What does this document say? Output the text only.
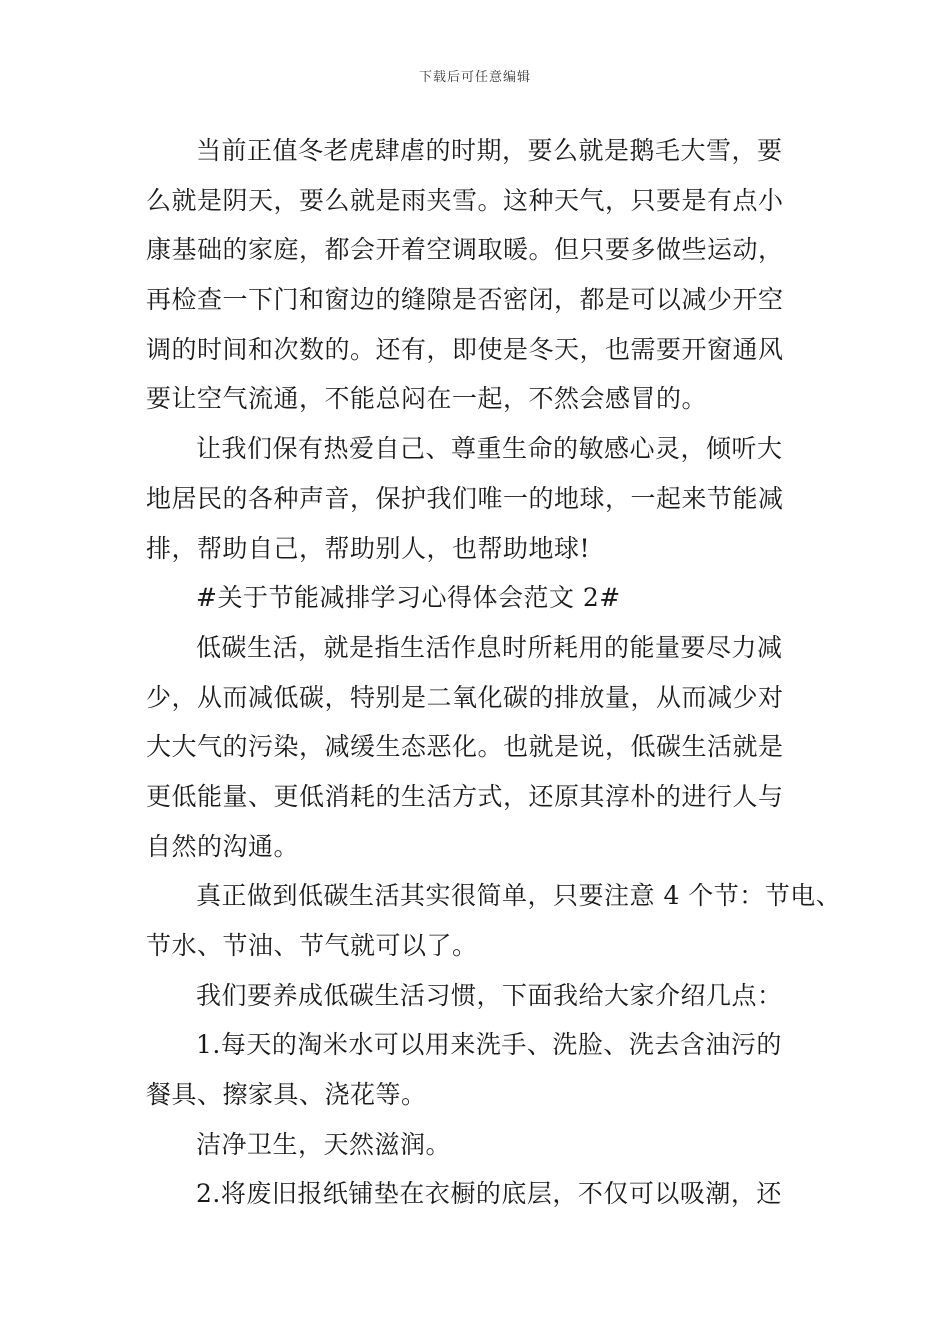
下载后可任意编辑
当前正值冬老虎肆虐的时期，要么就是鹅毛大雪，要
么就是阴天，要么就是雨夹雪。这种天气，只要是有点小
康基础的家庭，都会开着空调取暖。但只要多做些运动，
再检查一下门和窗边的缝隙是否密闭，都是可以减少开空
调的时间和次数的。还有，即使是冬天，也需要开窗通风
要让空气流通，不能总闷在一起，不然会感冒的。
让我们保有热爱自己、尊重生命的敏感心灵，倾听大
地居民的各种声音，保护我们唯一的地球，一起来节能减
排，帮助自己，帮助别人，也帮助地球!
#关于节能减排学习心得体会范文 2#
低碳生活，就是指生活作息时所耗用的能量要尽力减
少，从而减低碳，特别是二氧化碳的排放量，从而减少对
大大气的污染，减缓生态恶化。也就是说，低碳生活就是
更低能量、更低消耗的生活方式，还原其淳朴的进行人与
自然的沟通。
真正做到低碳生活其实很简单，只要注意 4 个节：节电、
节水、节油、节气就可以了。
我们要养成低碳生活习惯，下面我给大家介绍几点：
1.每天的淘米水可以用来洗手、洗脸、洗去含油污的
餐具、擦家具、浇花等。
洁净卫生，天然滋润。
2.将废旧报纸铺垫在衣橱的底层，不仅可以吸潮，还
